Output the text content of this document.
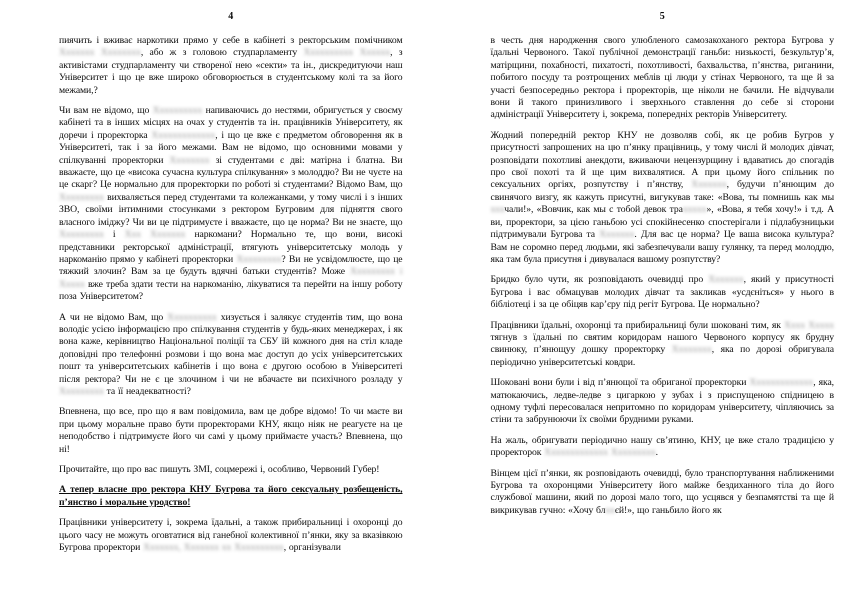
4

пиячить і вживає наркотики прямо у себе в кабінеті з ректорським помічником Ххххххх Хххххххх, або ж з головою студпарламенту Хххххххххх Хххххх, з активістами студпарламенту чи створеної нею «секти» та ін., дискредитуючи наш Університет і що це вже широко обговорюється в студентському колі та за його межами,?

Чи вам не відомо, що Хххххххххх напиваючись до нестями, обригується у своєму кабінеті та в інших місцях на очах у студентів та ін. працівників Університету, як доречи і проректорка Ххххххххххххх, і що це вже є предметом обговорення як в Університеті, так і за його межами. Вам не відомо, що основними мовами у спілкуванні проректорки Хххххххх зі студентами є дві: матірна і блатна. Ви вважаєте, що це «висока сучасна культура спілкування» з молоддю? Ви не чуєте на це скарг? Це нормально для проректорки по роботі зі студентами? Відомо Вам, що Ххххххххх вихваляється перед студентами та колежанками, у тому числі і з інших ЗВО, своїми інтимними стосунками з ректором Бугровим для підняття свого власного іміджу? Чи ви це підтримуєте і вважаєте, що це норма? Ви не знаєте, що Ххххххххх і Ххх Ххххххх наркомани? Нормально те, що вони, високі представники ректорської адміністрації, втягують університетську молодь у наркоманію прямо у кабінеті проректорки Ххххххххх? Ви не усвідомлюєте, що це тяжкий злочин? Вам за це будуть вдячні батьки студентів? Може Ххххххххх і Ххххх вже треба здати тести на наркоманію, лікуватися та перейти на іншу роботу поза Університетом?

А чи не відомо Вам, що Хххххххххх хизується і залякує студентів тим, що вона володіє усією інформацією про спілкування студентів у будь-яких менеджерах, і як вона каже, керівництво Національної поліції та СБУ їй кожного дня на стіл кладе доповідні про телефонні розмови і що вона має доступ до усіх університетських пошт та університетських кабінетів і що вона є другою особою в Університеті після ректора? Чи не є це злочином і чи не вбачаєте ви психічного розладу у Ххххххххх та її неадекватності?

Впевнена, що все, про що я вам повідомила, вам це добре відомо! То чи маєте ви при цьому моральне право бути проректорами КНУ, якщо ніяк не реагуєте на це неподобство і підтримуєте його чи самі у цьому приймаєте участь? Впевнена, що ні!

Прочитайте, що про вас пишуть ЗМІ, соцмережі і, особливо, Червоний Губер!

А тепер власне про ректора КНУ Бугрова та його сексуальну розбещеність, п’янство і моральне уродство!

Працівники університету і, зокрема їдальні, а також прибиральниці і охоронці до цього часу не можуть оговтатися від ганебної колективної п’янки, яку за вказівкою Бугрова проректори Ххххххх, Ххххххх хх Хххххххххх, організували

5

в честь дня народження свого улюбленого самозакоханого ректора Бугрова у їдальні Червоного. Такої публічної демонстрації ганьби: низькості, безкультур’я, матірщини, похабності, пихатості, похотливості, бахвальства, п’янства, риганини, побитого посуду та розтрощених меблів ці люди у стінах Червоного, та ще й за участі безпосередньо ректора і проректорів, ще ніколи не бачили. Не відчували вони й такого принизливого і зверхнього ставлення до себе зі сторони адміністрації Університету і, зокрема, попередніх ректорів Університету.

Жодний попередній ректор КНУ не дозволяв собі, як це робив Бугров у присутності запрошених на цю п’янку працівниць, у тому числі й молодих дівчат, розповідати похотливі анекдоти, вживаючи нецензурщину і вдаватись до спогадів про свої похоті та й ще цим вихвалятися. А при цьому його спільник по сексуальних оргіях, розпутству і п’янству, Ххххххх, будучи п’янющим до свинячого визгу, як кажуть присутні, вигукував таке: «Вова, ты помнишь как мы хххчали!», «Вовчик, как мы с тобой девок траххххх», «Вова, я тебя хочу!» і т.д. А ви, проректори, за цією ганьбою усі спокійнесенко спостерігали і підлабузницьки підтримували Бугрова та Ххххххх. Для вас це норма? Це ваша висока культура? Вам не соромно перед людьми, які забезпечували вашу гулянку, та перед молоддю, яка там була присутня і дивувалася вашому розпутству?

Бридко було чути, як розповідають очевидці про Ххххххх, який у присутності Бугрова і вас обмацував молодих дівчат та закликав «усдєніться» у нього в бібліотеці і за це обіцяв кар’єру під регіт Бугрова. Це нормально?

Працівники їдальні, охоронці та прибиральниці були шоковані тим, як Хххх Ххххх тягнув з їдальні по святим коридорам нашого Червоного корпусу як брудну свинюку, п’янющуу дошку проректорку Хххххххх, яка по дорозі обригувала періодично університетські ковдри.

Шоковані вони були і від п’янющої та обриганої проректорки Ххххххххххххх, яка, матюкаючись, ледве-ледве з цигаркою у зубах і з приспущеною спідницею в одному туфлі пересовалася непритомно по коридорам університету, чіпляючись за стіни та забрунюючи їх своїми брудними руками.

На жаль, обригувати періодично нашу св’ятиню, КНУ, це вже стало традицією у проректорок Ххххххххххххх Ххххххххх.

Вінцем цієї п’янки, як розповідають очевидці, було транспортування наближеними Бугрова та охоронцями Університету його майже бездиханного тіла до його службової машини, який по дорозі мало того, що усцявся у безпамятстві та ще й викрикував гучно: «Хочу блххєй!», що ганьбило його як
